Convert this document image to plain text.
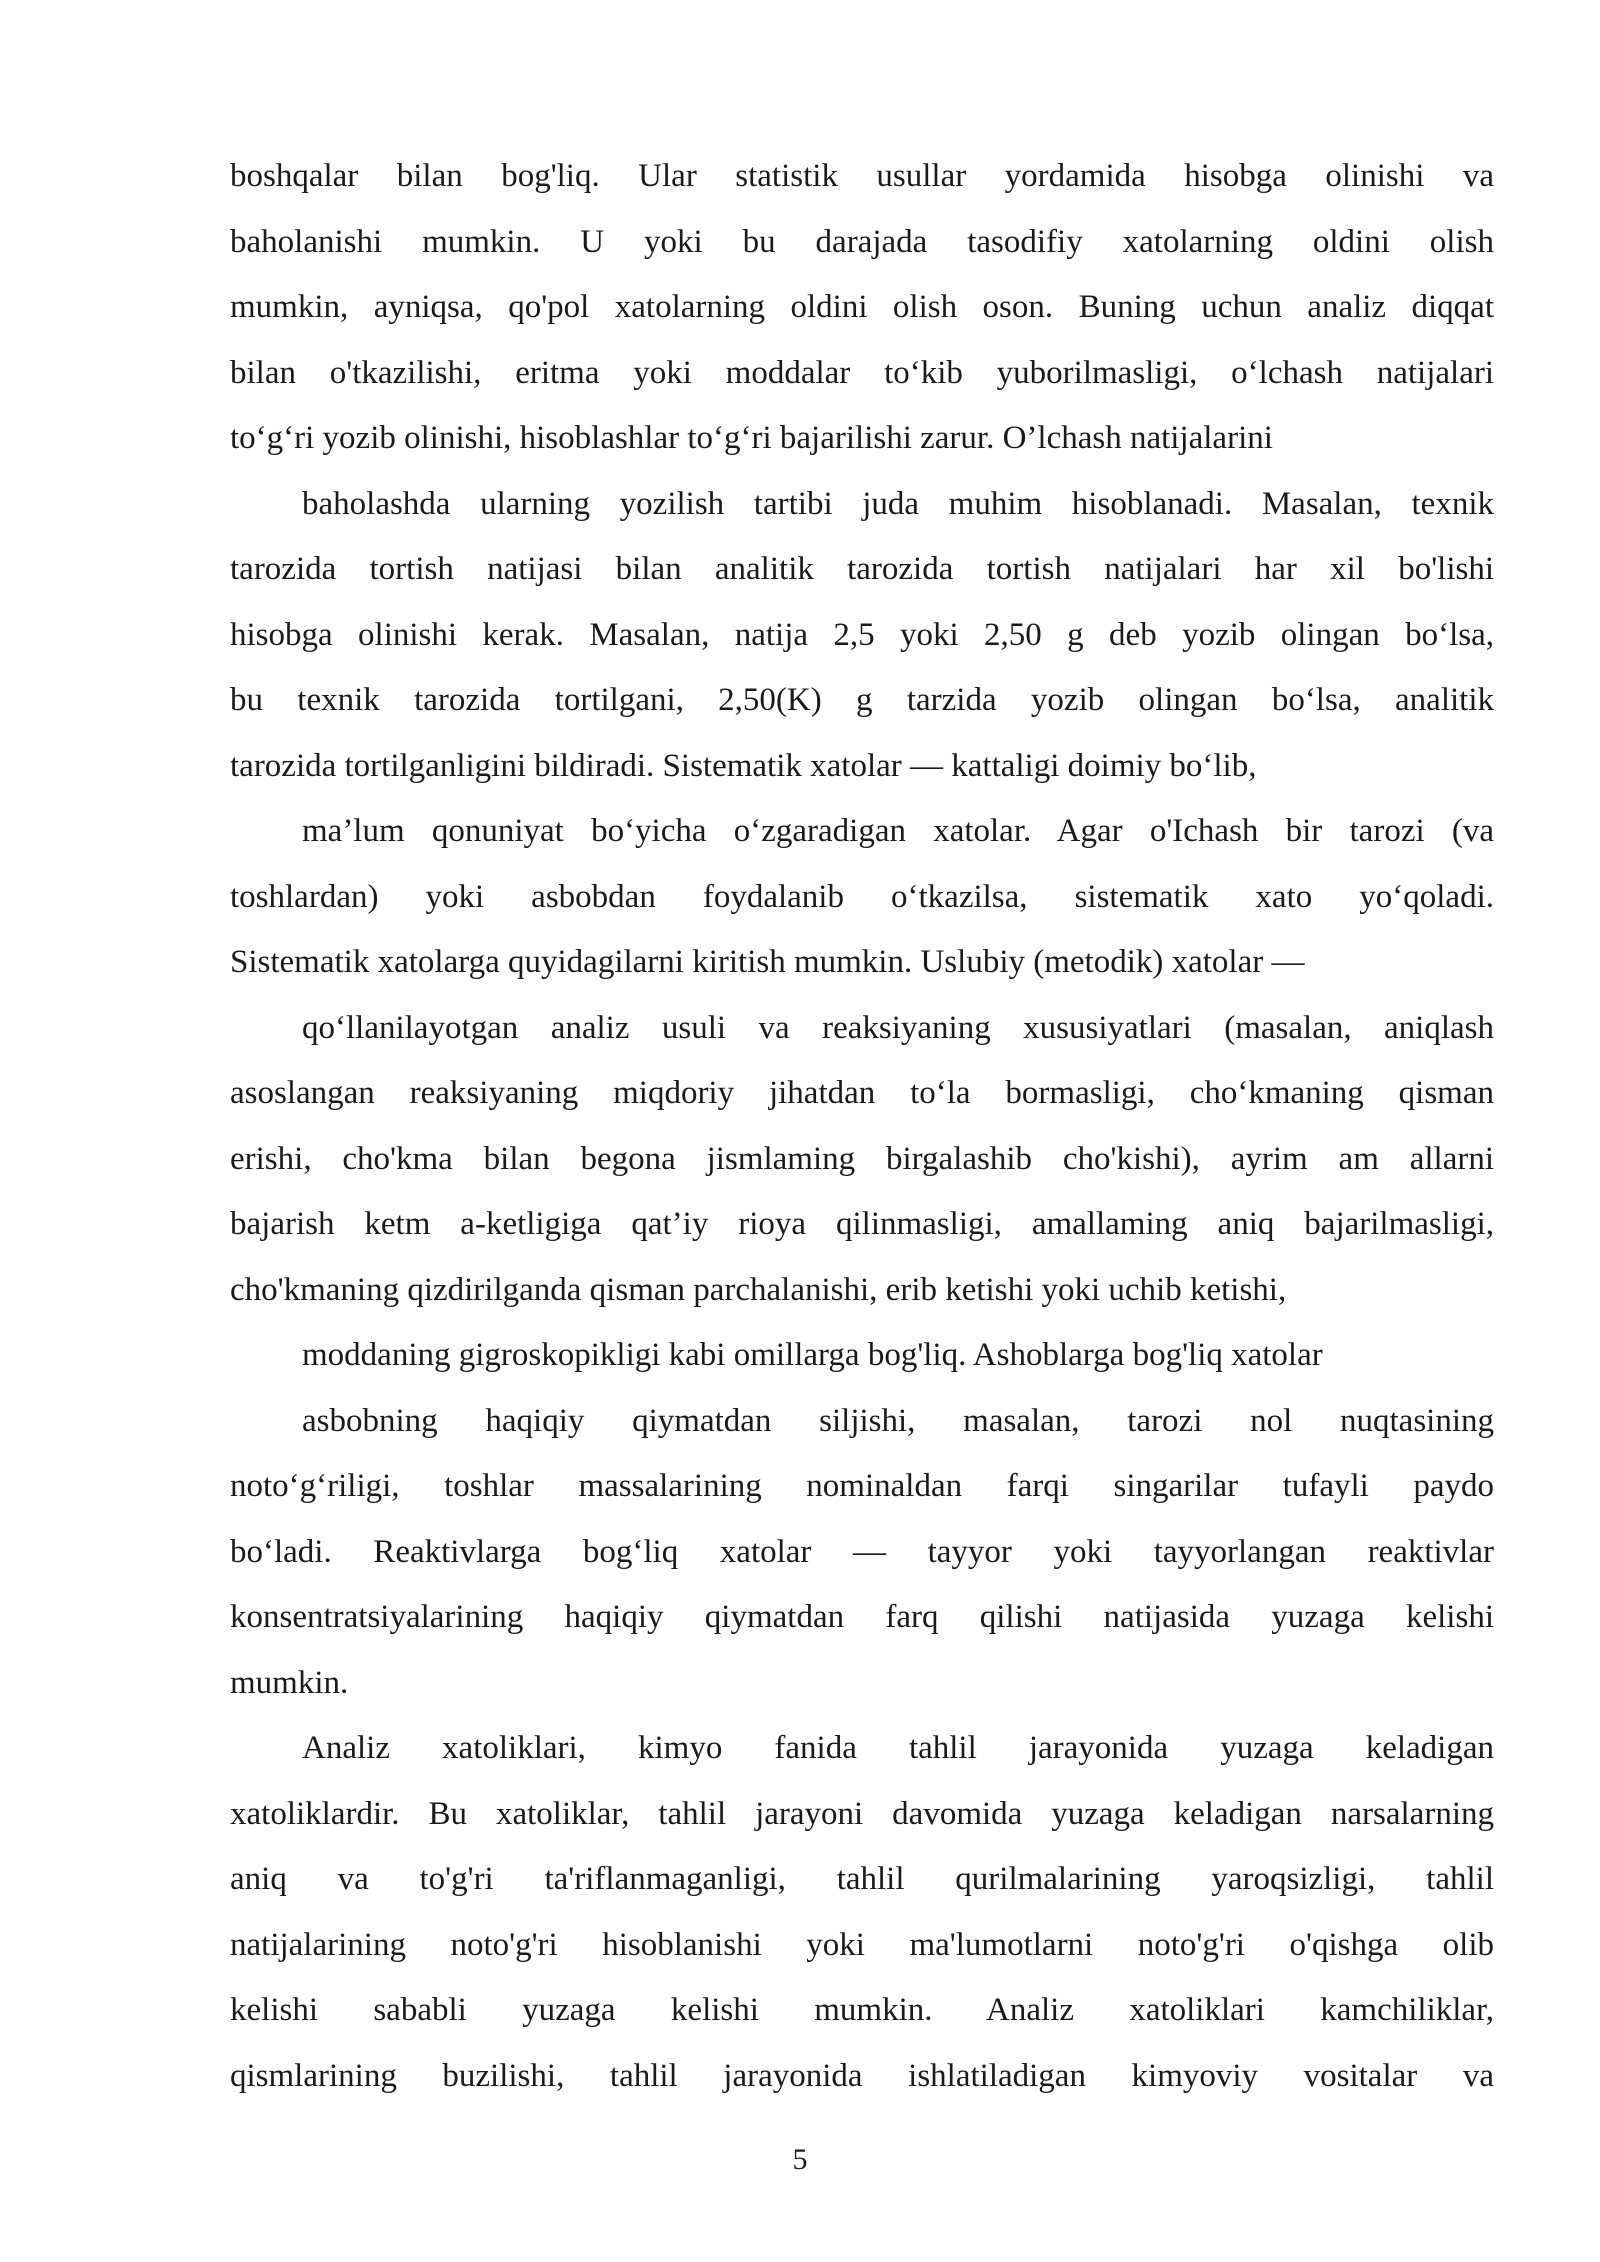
boshqalar bilan bog'liq. Ular statistik usullar yordamida hisobga olinishi va
baholanishi mumkin. U yoki bu darajada tasodifiy xatolarning oldini olish
mumkin, ayniqsa, qo'pol xatolarning oldini olish oson. Buning uchun analiz diqqat
bilan o'tkazilishi, eritma yoki moddalar to‘kib yuborilmasligi, o‘lchash natijalari
to‘g‘ri yozib olinishi, hisoblashlar to‘g‘ri bajarilishi zarur. O’lchash natijalarini
baholashda ularning yozilish tartibi juda muhim hisoblanadi. Masalan, texnik
tarozida tortish natijasi bilan analitik tarozida tortish natijalari har xil bo'lishi
hisobga olinishi kerak. Masalan, natija 2,5 yoki 2,50 g deb yozib olingan bo‘lsa,
bu texnik tarozida tortilgani, 2,50(K) g tarzida yozib olingan bo‘lsa, analitik
tarozida tortilganligini bildiradi. Sistematik xatolar — kattaligi doimiy bo‘lib,
ma’lum qonuniyat bo‘yicha o‘zgaradigan xatolar. Agar o'Ichash bir tarozi (va
toshlardan) yoki asbobdan foydalanib o‘tkazilsa, sistematik xato yo‘qoladi.
Sistematik xatolarga quyidagilarni kiritish mumkin. Uslubiy (metodik) xatolar —
qo‘llanilayotgan analiz usuli va reaksiyaning xususiyatlari (masalan, aniqlash
asoslangan reaksiyaning miqdoriy jihatdan to‘la bormasligi, cho‘kmaning qisman
erishi, cho'kma bilan begona jismlaming birgalashib cho'kishi), ayrim am allarni
bajarish ketm a-ketligiga qat’iy rioya qilinmasligi, amallaming aniq bajarilmasligi,
cho'kmaning qizdirilganda qisman parchalanishi, erib ketishi yoki uchib ketishi,
moddaning gigroskopikligi kabi omillarga bog'liq. Ashoblarga bog'liq xatolar
asbobning haqiqiy qiymatdan siljishi, masalan, tarozi nol nuqtasining
noto‘g‘riligi, toshlar massalarining nominaldan farqi singarilar tufayli paydo
bo‘ladi. Reaktivlarga bog‘liq xatolar — tayyor yoki tayyorlangan reaktivlar
konsentratsiyalarining haqiqiy qiymatdan farq qilishi natijasida yuzaga kelishi
mumkin.
Analiz xatoliklari, kimyo fanida tahlil jarayonida yuzaga keladigan
xatoliklardir. Bu xatoliklar, tahlil jarayoni davomida yuzaga keladigan narsalarning
aniq va to'g'ri ta'riflanmaganligi, tahlil qurilmalarining yaroqsizligi, tahlil
natijalarining noto'g'ri hisoblanishi yoki ma'lumotlarni noto'g'ri o'qishga olib
kelishi sababli yuzaga kelishi mumkin. Analiz xatoliklari kamchiliklar,
qismlarining buzilishi, tahlil jarayonida ishlatiladigan kimyoviy vositalar va
5
